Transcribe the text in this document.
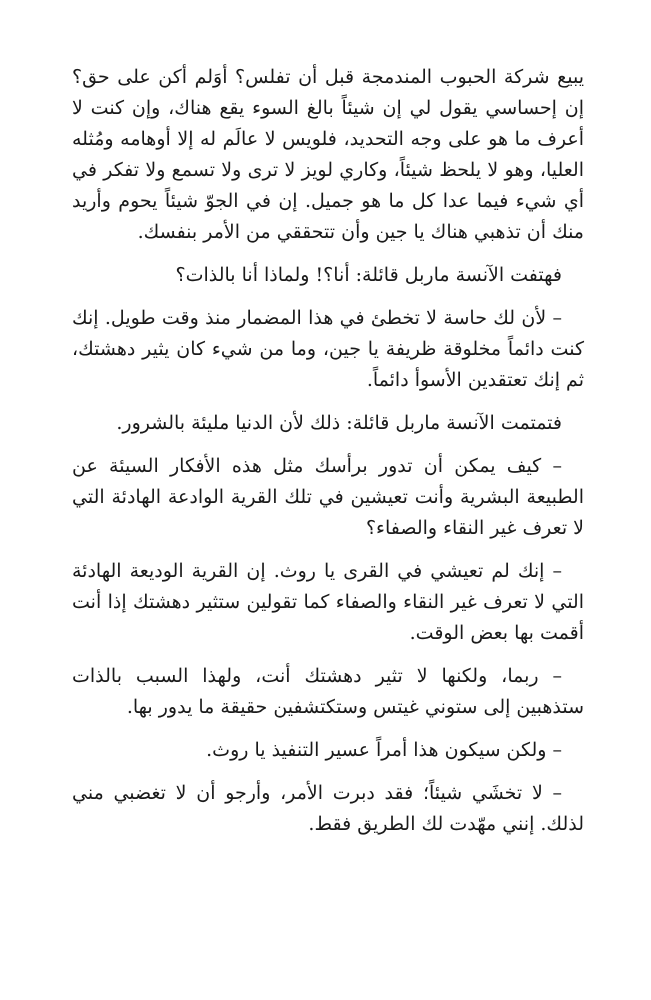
يبيع شركة الحبوب المندمجة قبل أن تفلس؟ أوَلم أكن على حق؟ إن إحساسي يقول لي إن شيئاً بالغ السوء يقع هناك، وإن كنت لا أعرف ما هو على وجه التحديد، فلويس لا عالَم له إلا أوهامه ومُثله العليا، وهو لا يلحظ شيئاً، وكاري لويز لا ترى ولا تسمع ولا تفكر في أي شيء فيما عدا كل ما هو جميل. إن في الجوّ شيئاً يحوم وأريد منك أن تذهبي هناك يا جين وأن تتحققي من الأمر بنفسك.

فهتفت الآنسة ماربل قائلة: أنا؟! ولماذا أنا بالذات؟

– لأن لك حاسة لا تخطئ في هذا المضمار منذ وقت طويل. إنك كنت دائماً مخلوقة ظريفة يا جين، وما من شيء كان يثير دهشتك، ثم إنك تعتقدين الأسوأ دائماً.

فتمتمت الآنسة ماربل قائلة: ذلك لأن الدنيا مليئة بالشرور.

– كيف يمكن أن تدور برأسك مثل هذه الأفكار السيئة عن الطبيعة البشرية وأنت تعيشين في تلك القرية الوادعة الهادئة التي لا تعرف غير النقاء والصفاء؟

– إنك لم تعيشي في القرى يا روث. إن القرية الوديعة الهادئة التي لا تعرف غير النقاء والصفاء كما تقولين ستثير دهشتك إذا أنت أقمت بها بعض الوقت.

– ربما، ولكنها لا تثير دهشتك أنت، ولهذا السبب بالذات ستذهبين إلى ستوني غيتس وستكتشفين حقيقة ما يدور بها.

– ولكن سيكون هذا أمراً عسير التنفيذ يا روث.

– لا تخشَي شيئاً؛ فقد دبرت الأمر، وأرجو أن لا تغضبي مني لذلك. إنني مهّدت لك الطريق فقط.
